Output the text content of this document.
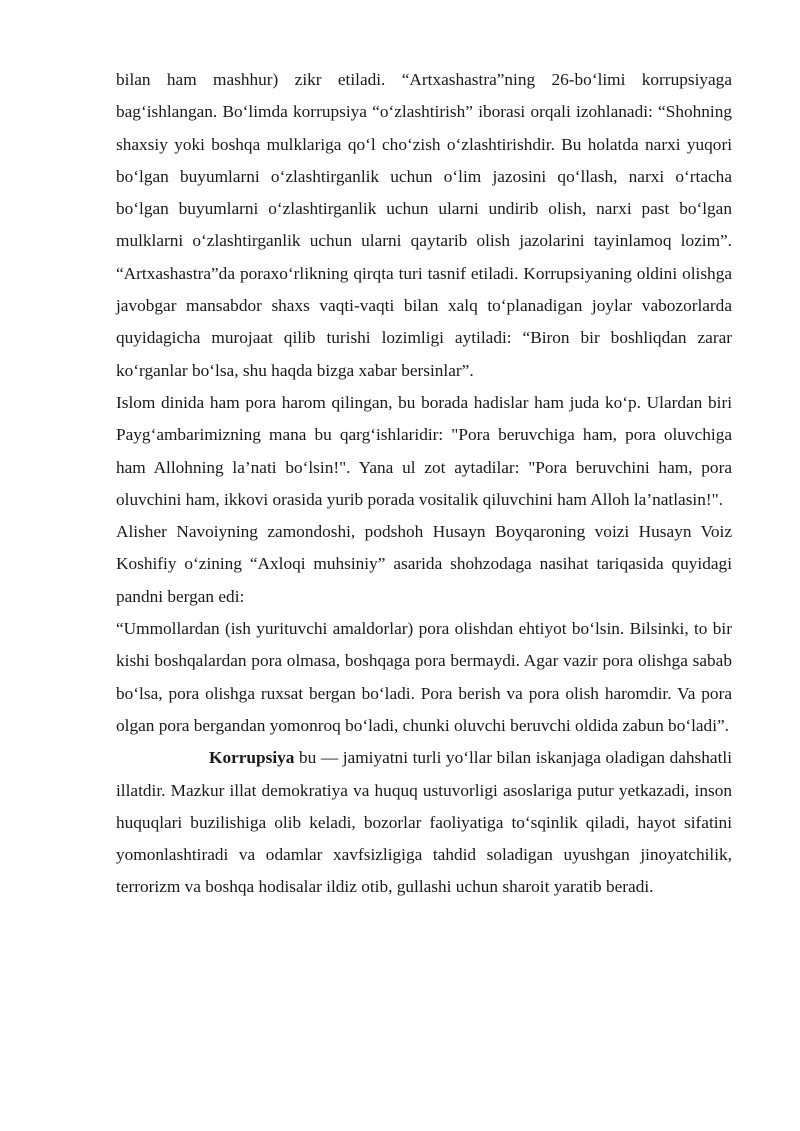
bilan ham mashhur) zikr etiladi. “Artxashastra”ning 26-bo‘limi korrupsiyaga bag‘ishlangan. Bo‘limda korrupsiya “o‘zlashtirish” iborasi orqali izohlanadi: “Shohning shaxsiy yoki boshqa mulklariga qo‘l cho‘zish o‘zlashtirishdir. Bu holatda narxi yuqori bo‘lgan buyumlarni o‘zlashtirganlik uchun o‘lim jazosini qo‘llash, narxi o‘rtacha bo‘lgan buyumlarni o‘zlashtirganlik uchun ularni undirib olish, narxi past bo‘lgan mulklarni o‘zlashtirganlik uchun ularni qaytarib olish jazolarini tayinlamoq lozim”. “Artxashastra”da poraxo‘rlikning qirqta turi tasnif etiladi. Korrupsiyaning oldini olishga javobgar mansabdor shaxs vaqti-vaqti bilan xalq to‘planadigan joylar vabozorlarda quyidagicha murojaat qilib turishi lozimligi aytiladi: “Biron bir boshliqdan zarar ko‘rganlar bo‘lsa, shu haqda bizga xabar bersinlar”.

Islom dinida ham pora harom qilingan, bu borada hadislar ham juda ko‘p. Ulardan biri Payg‘ambarimizning mana bu qarg‘ishlaridir: "Pora beruvchiga ham, pora oluvchiga ham Allohning la’nati bo‘lsin!". Yana ul zot aytadilar: "Pora beruvchini ham, pora oluvchini ham, ikkovi orasida yurib porada vositalik qiluvchini ham Alloh la’natlasin!".

Alisher Navoiyning zamondoshi, podshoh Husayn Boyqaroning voizi Husayn Voiz Koshifiy o‘zining “Axloqi muhsiniy” asarida shohzodaga nasihat tariqasida quyidagi pandni bergan edi:

“Ummollardan (ish yurituvchi amaldorlar) pora olishdan ehtiyot bo‘lsin. Bilsinki, to bir kishi boshqalardan pora olmasa, boshqaga pora bermaydi. Agar vazir pora olishga sabab bo‘lsa, pora olishga ruxsat bergan bo‘ladi. Pora berish va pora olish haromdir. Va pora olgan pora bergandan yomonroq bo‘ladi, chunki oluvchi beruvchi oldida zabun bo‘ladi”.

Korrupsiya bu — jamiyatni turli yo‘llar bilan iskanjaga oladigan dahshatli illatdir. Mazkur illat demokratiya va huquq ustuvorligi asoslariga putur yetkazadi, inson huquqlari buzilishiga olib keladi, bozorlar faoliyatiga to‘sqinlik qiladi, hayot sifatini yomonlashtiradi va odamlar xavfsizligiga tahdid soladigan uyushgan jinoyatchilik, terrorizm va boshqa hodisalar ildiz otib, gullashi uchun sharoit yaratib beradi.
